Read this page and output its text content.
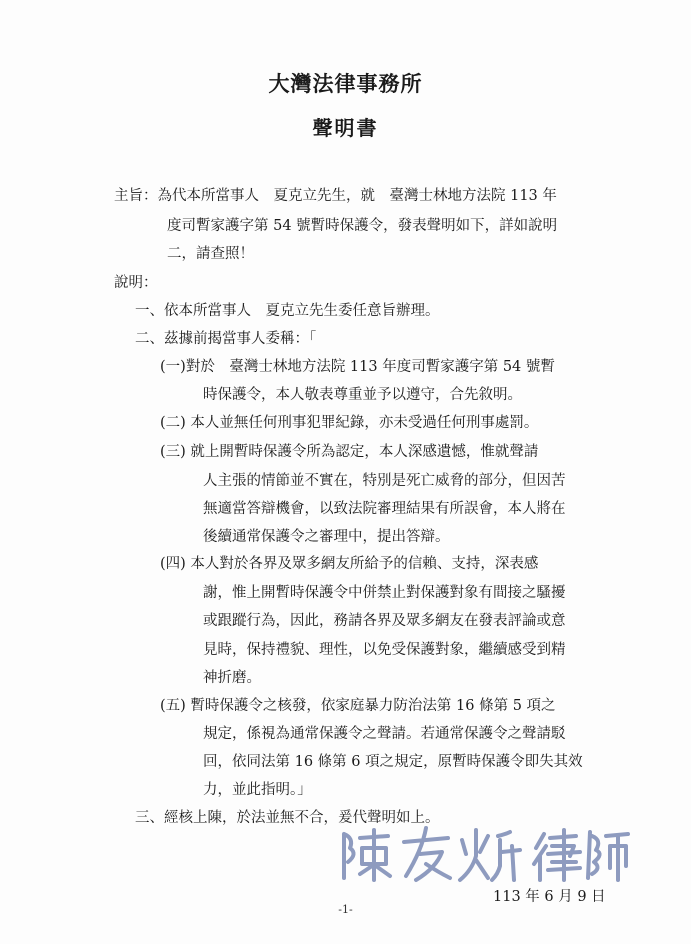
大灣法律事務所
聲明書
主旨：為代本所當事人　夏克立先生，就　臺灣士林地方法院 113 年
度司暫家護字第 54 號暫時保護令，發表聲明如下，詳如說明
二，請查照！
說明：
一、依本所當事人　夏克立先生委任意旨辦理。
二、茲據前揭當事人委稱：「
(一)對於　臺灣士林地方法院 113 年度司暫家護字第 54 號暫
時保護令，本人敬表尊重並予以遵守，合先敘明。
(二) 本人並無任何刑事犯罪紀錄，亦未受過任何刑事處罰。
(三) 就上開暫時保護令所為認定，本人深感遺憾，惟就聲請
人主張的情節並不實在，特別是死亡威脅的部分，但因苦
無適當答辯機會，以致法院審理結果有所誤會，本人將在
後續通常保護令之審理中，提出答辯。
(四) 本人對於各界及眾多網友所給予的信賴、支持，深表感
謝，惟上開暫時保護令中併禁止對保護對象有間接之騷擾
或跟蹤行為，因此，務請各界及眾多網友在發表評論或意
見時，保持禮貌、理性，以免受保護對象，繼續感受到精
神折磨。
(五) 暫時保護令之核發，依家庭暴力防治法第 16 條第 5 項之
規定，係視為通常保護令之聲請。若通常保護令之聲請駁
回，依同法第 16 條第 6 項之規定，原暫時保護令即失其效
力，並此指明。」
三、經核上陳，於法並無不合，爰代聲明如上。
113 年 6 月 9 日
-1-
